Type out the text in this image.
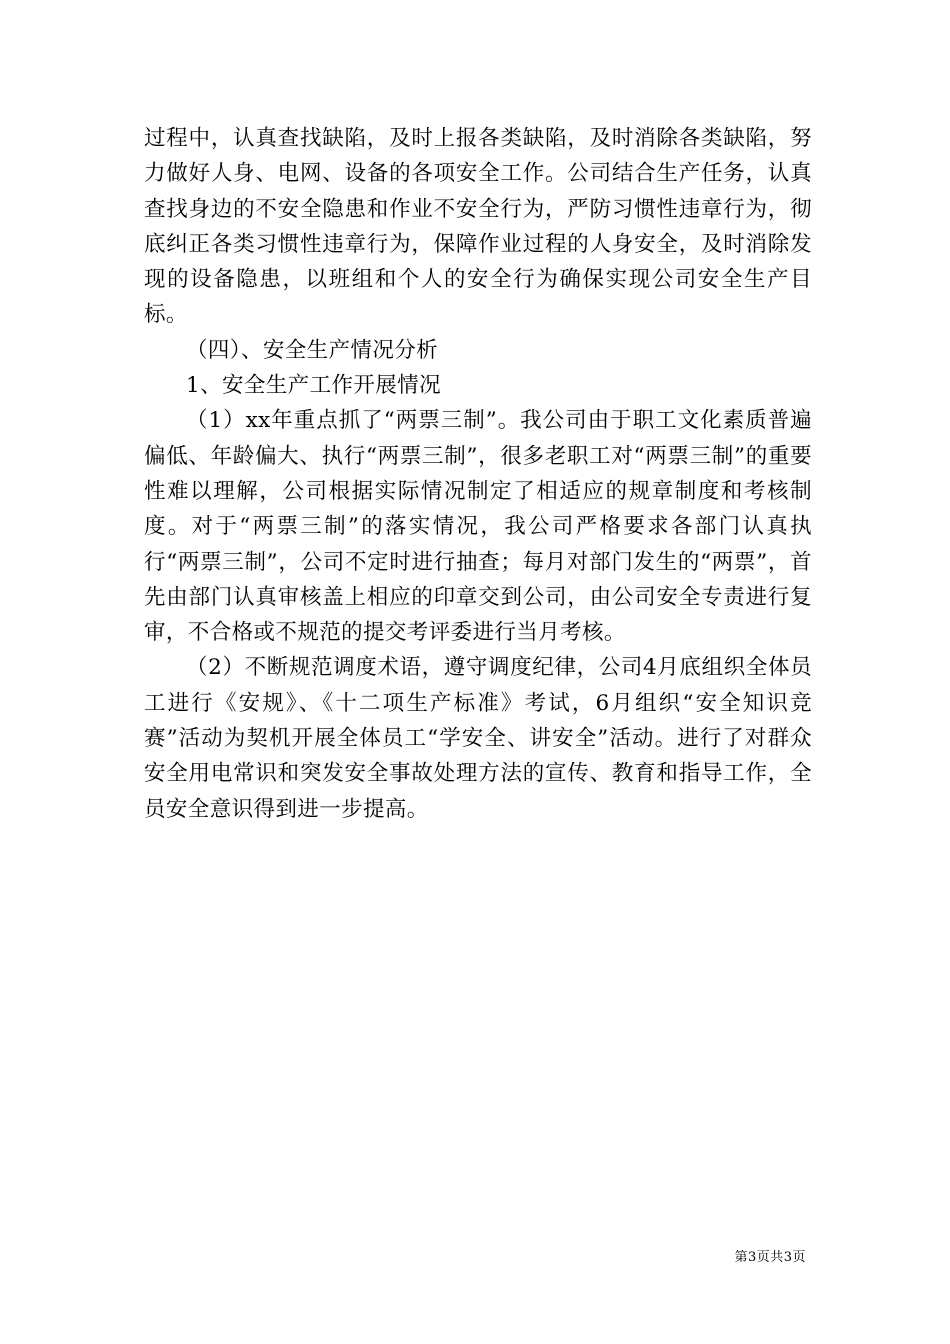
过程中，认真查找缺陷，及时上报各类缺陷，及时消除各类缺陷，努力做好人身、电网、设备的各项安全工作。公司结合生产任务，认真查找身边的不安全隐患和作业不安全行为，严防习惯性违章行为，彻底纠正各类习惯性违章行为，保障作业过程的人身安全，及时消除发现的设备隐患，以班组和个人的安全行为确保实现公司安全生产目标。

（四）、安全生产情况分析

1、安全生产工作开展情况

（1）xx年重点抓了“两票三制”。我公司由于职工文化素质普遍偏低、年龄偏大、执行“两票三制”，很多老职工对“两票三制”的重要性难以理解，公司根据实际情况制定了相适应的规章制度和考核制度。对于“两票三制”的落实情况，我公司严格要求各部门认真执行“两票三制”，公司不定时进行抽查；每月对部门发生的“两票”，首先由部门认真审核盖上相应的印章交到公司，由公司安全专责进行复审，不合格或不规范的提交考评委进行当月考核。

（2）不断规范调度术语，遵守调度纪律，公司4月底组织全体员工进行《安规》、《十二项生产标准》考试，6月组织“安全知识竞赛”活动为契机开展全体员工“学安全、讲安全”活动。进行了对群众安全用电常识和突发安全事故处理方法的宣传、教育和指导工作，全员安全意识得到进一步提高。

第3页共3页
